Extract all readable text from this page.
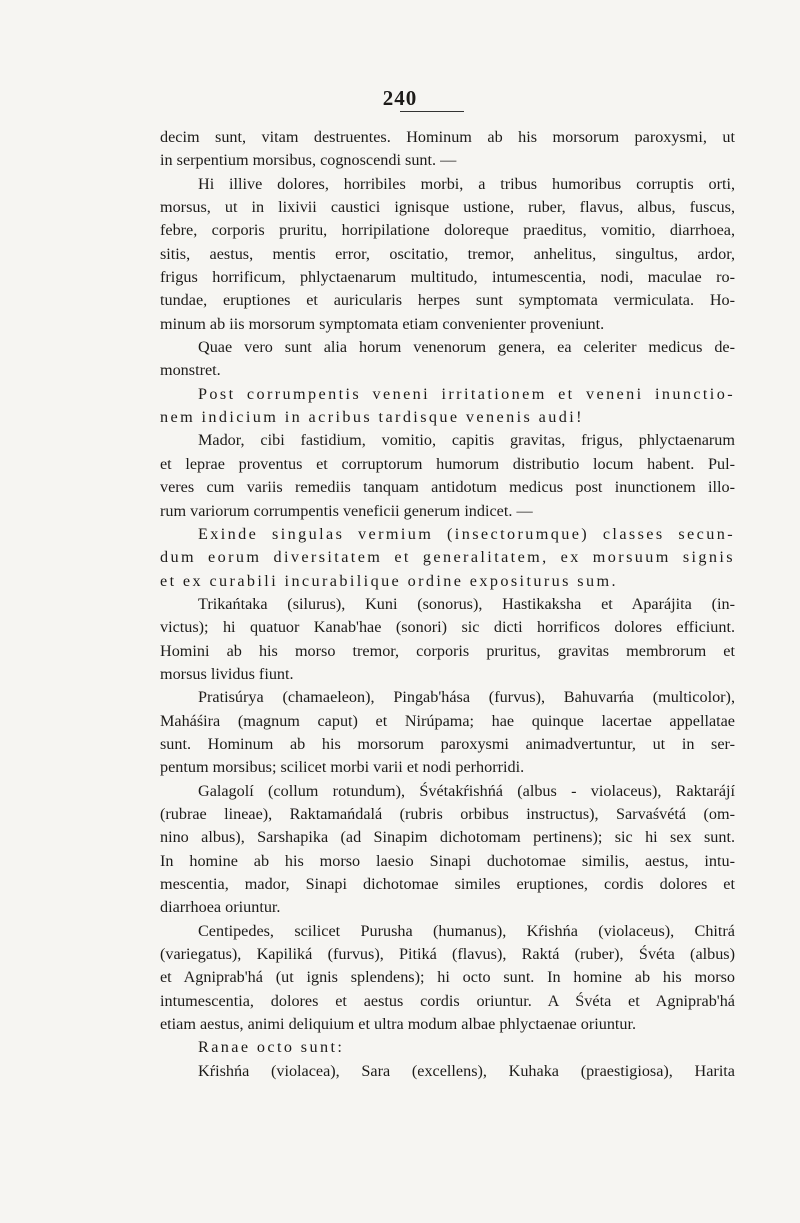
240
decim sunt, vitam destruentes. Hominum ab his morsorum paroxysmi, ut
in serpentium morsibus, cognoscendi sunt. —
Hi illive dolores, horribiles morbi, a tribus humoribus corruptis orti,
morsus, ut in lixivii caustici ignisque ustione, ruber, flavus, albus, fuscus,
febre, corporis pruritu, horripilatione doloreque praeditus, vomitio, diarrhoea,
sitis, aestus, mentis error, oscitatio, tremor, anhelitus, singultus, ardor,
frigus horrificum, phlyctaenarum multitudo, intumescentia, nodi, maculae ro-
tundae, eruptiones et auricularis herpes sunt symptomata vermiculata. Ho-
minum ab iis morsorum symptomata etiam convenienter proveniunt.
Quae vero sunt alia horum venenorum genera, ea celeriter medicus de-
monstret.
Post corrumpentis veneni irritationem et veneni inunctio-
nem indicium in acribus tardisque venenis audi!
Mador, cibi fastidium, vomitio, capitis gravitas, frigus, phlyctaenarum
et leprae proventus et corruptorum humorum distributio locum habent. Pul-
veres cum variis remediis tanquam antidotum medicus post inunctionem illo-
rum variorum corrumpentis veneficii generum indicet. —
Exinde singulas vermium (insectorumque) classes secun-
dum eorum diversitatem et generalitatem, ex morsuum signis
et ex curabili incurabilique ordine expositurus sum.
Trikańtaka (silurus), Kuni (sonorus), Hastikaksha et Aparájita (in-
victus); hi quatuor Kanab'hae (sonori) sic dicti horrificos dolores efficiunt.
Homini ab his morso tremor, corporis pruritus, gravitas membrorum et
morsus lividus fiunt.
Pratisúrya (chamaeleon), Pingab'hása (furvus), Bahuvarńa (multicolor),
Maháśira (magnum caput) et Nirúpama; hae quinque lacertae appellatae
sunt. Hominum ab his morsorum paroxysmi animadvertuntur, ut in ser-
pentum morsibus; scilicet morbi varii et nodi perhorridi.
Galagolí (collum rotundum), Śvétakŕishńá (albus - violaceus), Raktarájí
(rubrae lineae), Raktamańdalá (rubris orbibus instructus), Sarvaśvétá (om-
nino albus), Sarshapika (ad Sinapim dichotomam pertinens); sic hi sex sunt.
In homine ab his morso laesio Sinapi duchotomae similis, aestus, intu-
mescentia, mador, Sinapi dichotomae similes eruptiones, cordis dolores et
diarrhoea oriuntur.
Centipedes, scilicet Purusha (humanus), Kŕishńa (violaceus), Chitrá
(variegatus), Kapiliká (furvus), Pitiká (flavus), Raktá (ruber), Śvéta (albus)
et Agniprab'há (ut ignis splendens); hi octo sunt. In homine ab his morso
intumescentia, dolores et aestus cordis oriuntur. A Śvéta et Agniprab'há
etiam aestus, animi deliquium et ultra modum albae phlyctaenae oriuntur.
Ranae octo sunt:
Kŕishńa (violacea), Sara (excellens), Kuhaka (praestigiosa), Harita
